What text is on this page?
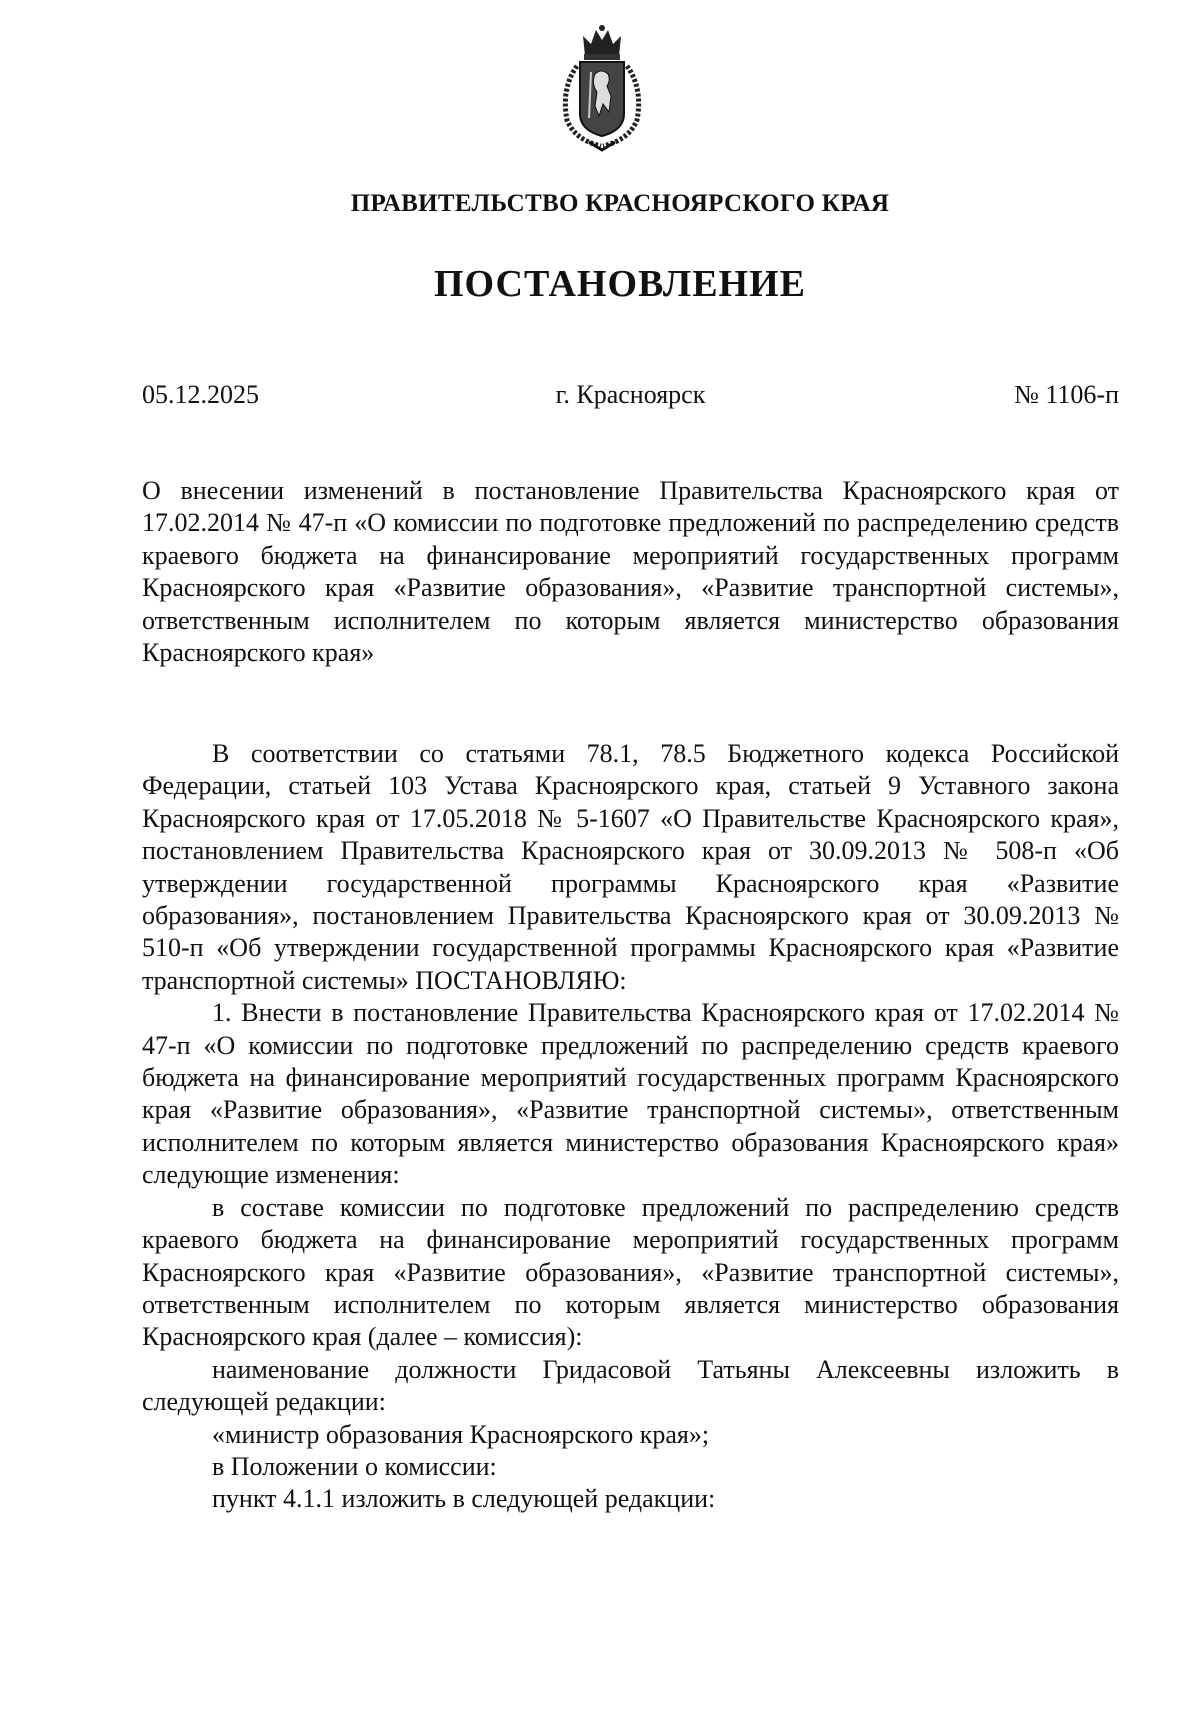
ПРАВИТЕЛЬСТВО КРАСНОЯРСКОГО КРАЯ
ПОСТАНОВЛЕНИЕ
05.12.2025	г. Красноярск	№ 1106-п
О внесении изменений в постановление Правительства Красноярского края от 17.02.2014 № 47-п «О комиссии по подготовке предложений по распределению средств краевого бюджета на финансирование мероприятий государственных программ Красноярского края «Развитие образования», «Развитие транспортной системы», ответственным исполнителем по которым является министерство образования Красноярского края»

В соответствии со статьями 78.1, 78.5 Бюджетного кодекса Российской Федерации, статьей 103 Устава Красноярского края, статьей 9 Уставного закона Красноярского края от 17.05.2018 № 5-1607 «О Правительстве Красноярского края», постановлением Правительства Красноярского края от 30.09.2013 № 508-п «Об утверждении государственной программы Красноярского края «Развитие образования», постановлением Правительства Красноярского края от 30.09.2013 № 510-п «Об утверждении государственной программы Красноярского края «Развитие транспортной системы» ПОСТАНОВЛЯЮ:

1. Внести в постановление Правительства Красноярского края от 17.02.2014 № 47-п «О комиссии по подготовке предложений по распределению средств краевого бюджета на финансирование мероприятий государственных программ Красноярского края «Развитие образования», «Развитие транспортной системы», ответственным исполнителем по которым является министерство образования Красноярского края» следующие изменения:

в составе комиссии по подготовке предложений по распределению средств краевого бюджета на финансирование мероприятий государственных программ Красноярского края «Развитие образования», «Развитие транспортной системы», ответственным исполнителем по которым является министерство образования Красноярского края (далее – комиссия):

наименование должности Гридасовой Татьяны Алексеевны изложить в следующей редакции:

«министр образования Красноярского края»;

в Положении о комиссии:

пункт 4.1.1 изложить в следующей редакции:
